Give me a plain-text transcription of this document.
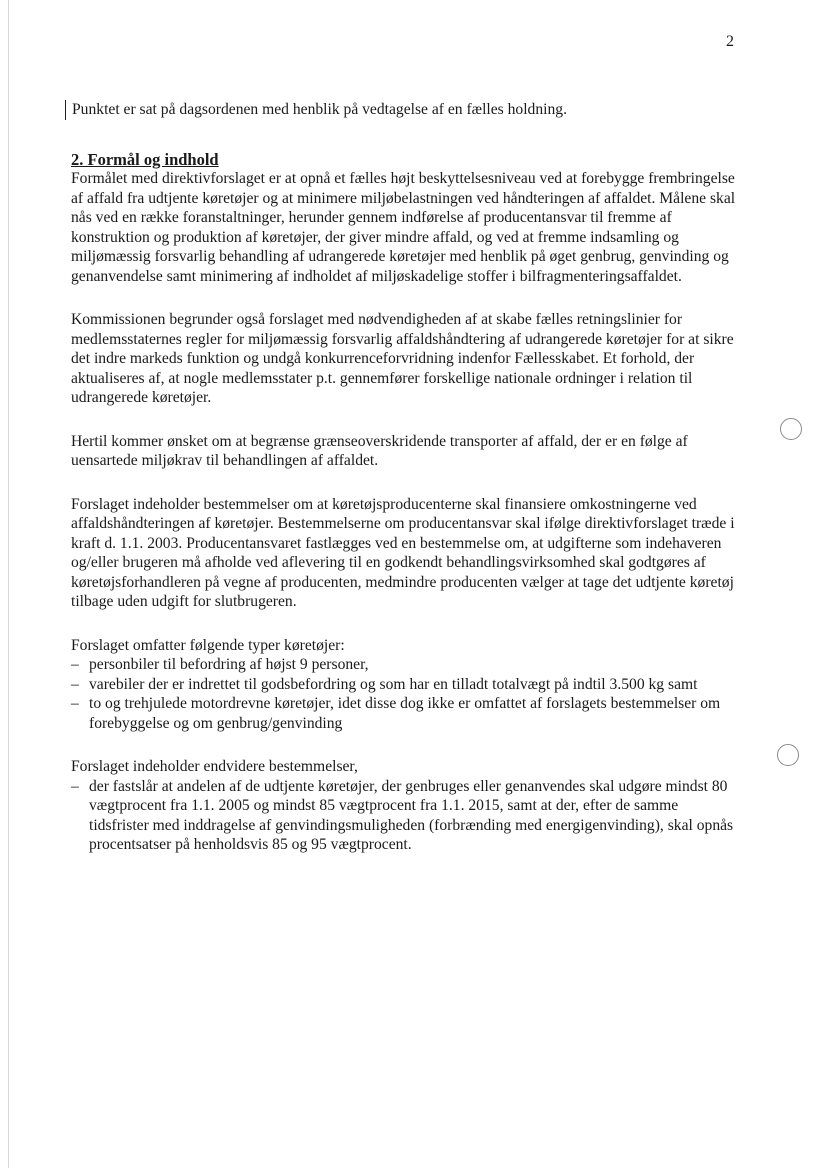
2

Punktet er sat på dagsordenen med henblik på vedtagelse af en fælles holdning.

2. Formål og indhold

Formålet med direktivforslaget er at opnå et fælles højt beskyttelsesniveau ved at forebygge frembringelse af affald fra udtjente køretøjer og at minimere miljøbelastningen ved håndteringen af affaldet. Målene skal nås ved en række foranstaltninger, herunder gennem indførelse af producentansvar til fremme af konstruktion og produktion af køretøjer, der giver mindre affald, og ved at fremme indsamling og miljømæssig forsvarlig behandling af udrangerede køretøjer med henblik på øget genbrug, genvinding og genanvendelse samt minimering af indholdet af miljøskadelige stoffer i bilfragmenteringsaffaldet.

Kommissionen begrunder også forslaget med nødvendigheden af at skabe fælles retningslinier for medlemsstaternes regler for miljømæssig forsvarlig affaldshåndtering af udrangerede køretøjer for at sikre det indre markeds funktion og undgå konkurrenceforvridning indenfor Fællesskabet. Et forhold, der aktualiseres af, at nogle medlemsstater p.t. gennemfører forskellige nationale ordninger i relation til udrangerede køretøjer.

Hertil kommer ønsket om at begrænse grænseoverskridende transporter af affald, der er en følge af uensartede miljøkrav til behandlingen af affaldet.

Forslaget indeholder bestemmelser om at køretøjsproducenterne skal finansiere omkostningerne ved affaldshåndteringen af køretøjer. Bestemmelserne om producentansvar skal ifølge direktivforslaget træde i kraft d. 1.1. 2003. Producentansvaret fastlægges ved en bestemmelse om, at udgifterne som indehaveren og/eller brugeren må afholde ved aflevering til en godkendt behandlingsvirksomhed skal godtgøres af køretøjsforhandleren på vegne af producenten, medmindre producenten vælger at tage det udtjente køretøj tilbage uden udgift for slutbrugeren.

Forslaget omfatter følgende typer køretøjer:

– personbiler til befordring af højst 9 personer,
– varebiler der er indrettet til godsbefordring og som har en tilladt totalvægt på indtil 3.500 kg samt
– to og trehjulede motordrevne køretøjer, idet disse dog ikke er omfattet af forslagets bestemmelser om forebyggelse og om genbrug/genvinding

Forslaget indeholder endvidere bestemmelser,

– der fastslår at andelen af de udtjente køretøjer, der genbruges eller genanvendes skal udgøre mindst 80 vægtprocent fra 1.1. 2005 og mindst 85 vægtprocent fra 1.1. 2015, samt at der, efter de samme tidsfrister med inddragelse af genvindingsmuligheden (forbrænding med energigenvinding), skal opnås procentsatser på henholdsvis 85 og 95 vægtprocent.
